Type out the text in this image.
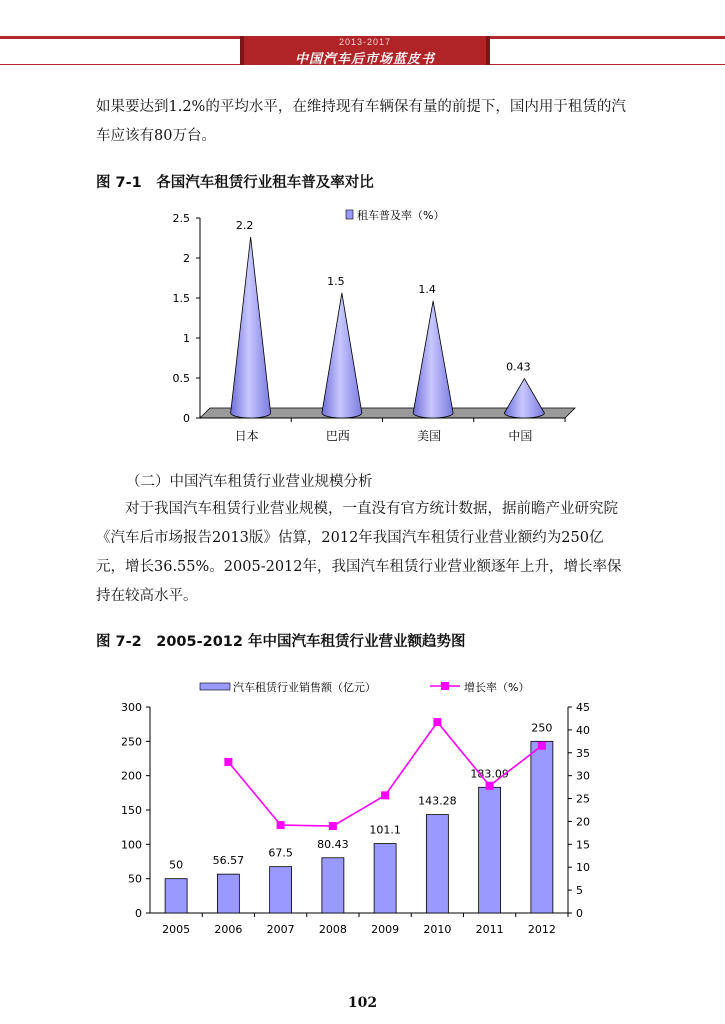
2013-2017
中国汽车后市场蓝皮书

如果要达到1.2%的平均水平，在维持现有车辆保有量的前提下，国内用于租赁的汽车应该有80万台。

图 7-1　各国汽车租赁行业租车普及率对比

0
0.5
1
1.5
2
2.5
2.2
日本
1.5
巴西
1.4
美国
0.43
中国
租车普及率（%）

（二）中国汽车租赁行业营业规模分析

对于我国汽车租赁行业营业规模，一直没有官方统计数据，据前瞻产业研究院《汽车后市场报告2013版》估算，2012年我国汽车租赁行业营业额约为250亿元，增长36.55%。2005-2012年，我国汽车租赁行业营业额逐年上升，增长率保持在较高水平。

图 7-2　2005-2012 年中国汽车租赁行业营业额趋势图

0
50
100
150
200
250
300
0
5
10
15
20
25
30
35
40
45
50
2005
56.57
2006
67.5
2007
80.43
2008
101.1
2009
143.28
2010
183.09
2011
250
2012
汽车租赁行业销售额（亿元）	增长率（%）
102
